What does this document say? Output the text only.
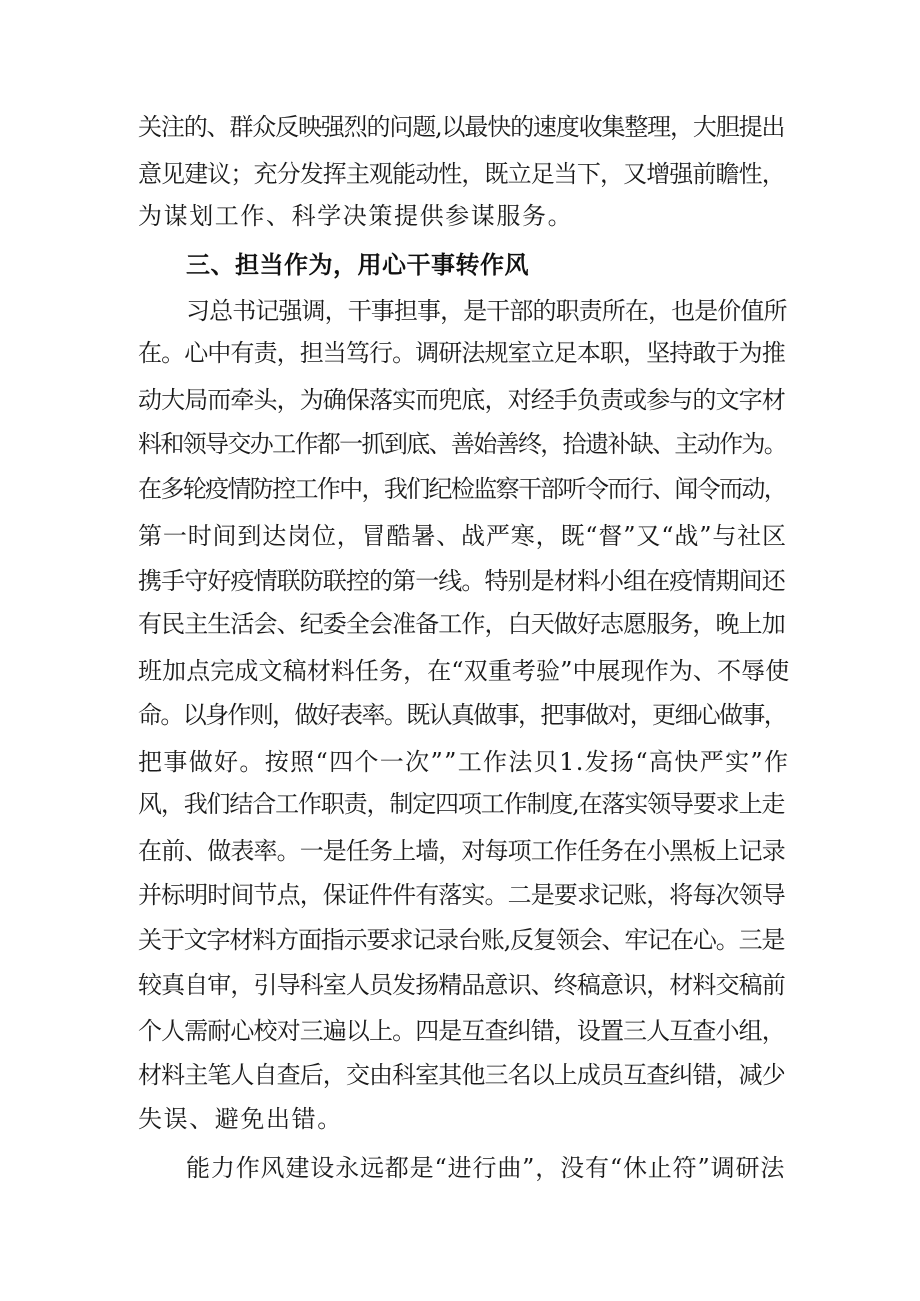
关注的、群众反映强烈的问题,以最快的速度收集整理，大胆提出
意见建议；充分发挥主观能动性，既立足当下，又增强前瞻性，
为谋划工作、科学决策提供参谋服务。
三、担当作为，用心干事转作风
习总书记强调，干事担事，是干部的职责所在，也是价值所
在。心中有责，担当笃行。调研法规室立足本职，坚持敢于为推
动大局而牵头，为确保落实而兜底，对经手负责或参与的文字材
料和领导交办工作都一抓到底、善始善终，拾遗补缺、主动作为。
在多轮疫情防控工作中，我们纪检监察干部听令而行、闻令而动，
第一时间到达岗位，冒酷暑、战严寒，既“督”又“战”与社区
携手守好疫情联防联控的第一线。特别是材料小组在疫情期间还
有民主生活会、纪委全会准备工作，白天做好志愿服务，晚上加
班加点完成文稿材料任务，在“双重考验”中展现作为、不辱使
命。以身作则，做好表率。既认真做事，把事做对，更细心做事，
把事做好。按照“四个一次””工作法贝1.发扬“高快严实”作
风，我们结合工作职责，制定四项工作制度,在落实领导要求上走
在前、做表率。一是任务上墙，对每项工作任务在小黑板上记录
并标明时间节点，保证件件有落实。二是要求记账，将每次领导
关于文字材料方面指示要求记录台账,反复领会、牢记在心。三是
较真自审，引导科室人员发扬精品意识、终稿意识，材料交稿前
个人需耐心校对三遍以上。四是互查纠错，设置三人互查小组，
材料主笔人自查后，交由科室其他三名以上成员互查纠错，减少
失误、避免出错。
能力作风建设永远都是“进行曲”，没有“休止符”调研法
